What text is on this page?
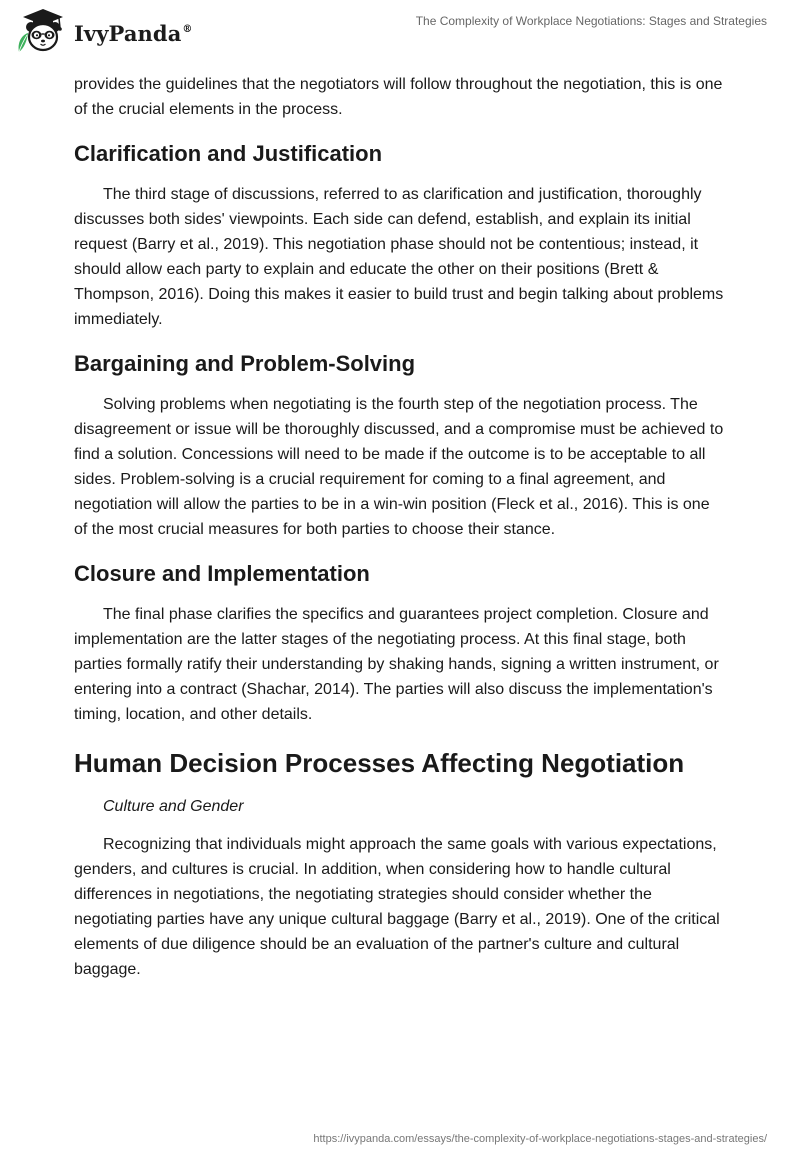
IvyPanda®
The Complexity of Workplace Negotiations: Stages and Strategies

provides the guidelines that the negotiators will follow throughout the negotiation, this is one of the crucial elements in the process.

Clarification and Justification

The third stage of discussions, referred to as clarification and justification, thoroughly discusses both sides' viewpoints. Each side can defend, establish, and explain its initial request (Barry et al., 2019). This negotiation phase should not be contentious; instead, it should allow each party to explain and educate the other on their positions (Brett & Thompson, 2016). Doing this makes it easier to build trust and begin talking about problems immediately.

Bargaining and Problem-Solving

Solving problems when negotiating is the fourth step of the negotiation process. The disagreement or issue will be thoroughly discussed, and a compromise must be achieved to find a solution. Concessions will need to be made if the outcome is to be acceptable to all sides. Problem-solving is a crucial requirement for coming to a final agreement, and negotiation will allow the parties to be in a win-win position (Fleck et al., 2016). This is one of the most crucial measures for both parties to choose their stance.

Closure and Implementation

The final phase clarifies the specifics and guarantees project completion. Closure and implementation are the latter stages of the negotiating process. At this final stage, both parties formally ratify their understanding by shaking hands, signing a written instrument, or entering into a contract (Shachar, 2014). The parties will also discuss the implementation's timing, location, and other details.

Human Decision Processes Affecting Negotiation

Culture and Gender

Recognizing that individuals might approach the same goals with various expectations, genders, and cultures is crucial. In addition, when considering how to handle cultural differences in negotiations, the negotiating strategies should consider whether the negotiating parties have any unique cultural baggage (Barry et al., 2019). One of the critical elements of due diligence should be an evaluation of the partner's culture and cultural baggage.

https://ivypanda.com/essays/the-complexity-of-workplace-negotiations-stages-and-strategies/
